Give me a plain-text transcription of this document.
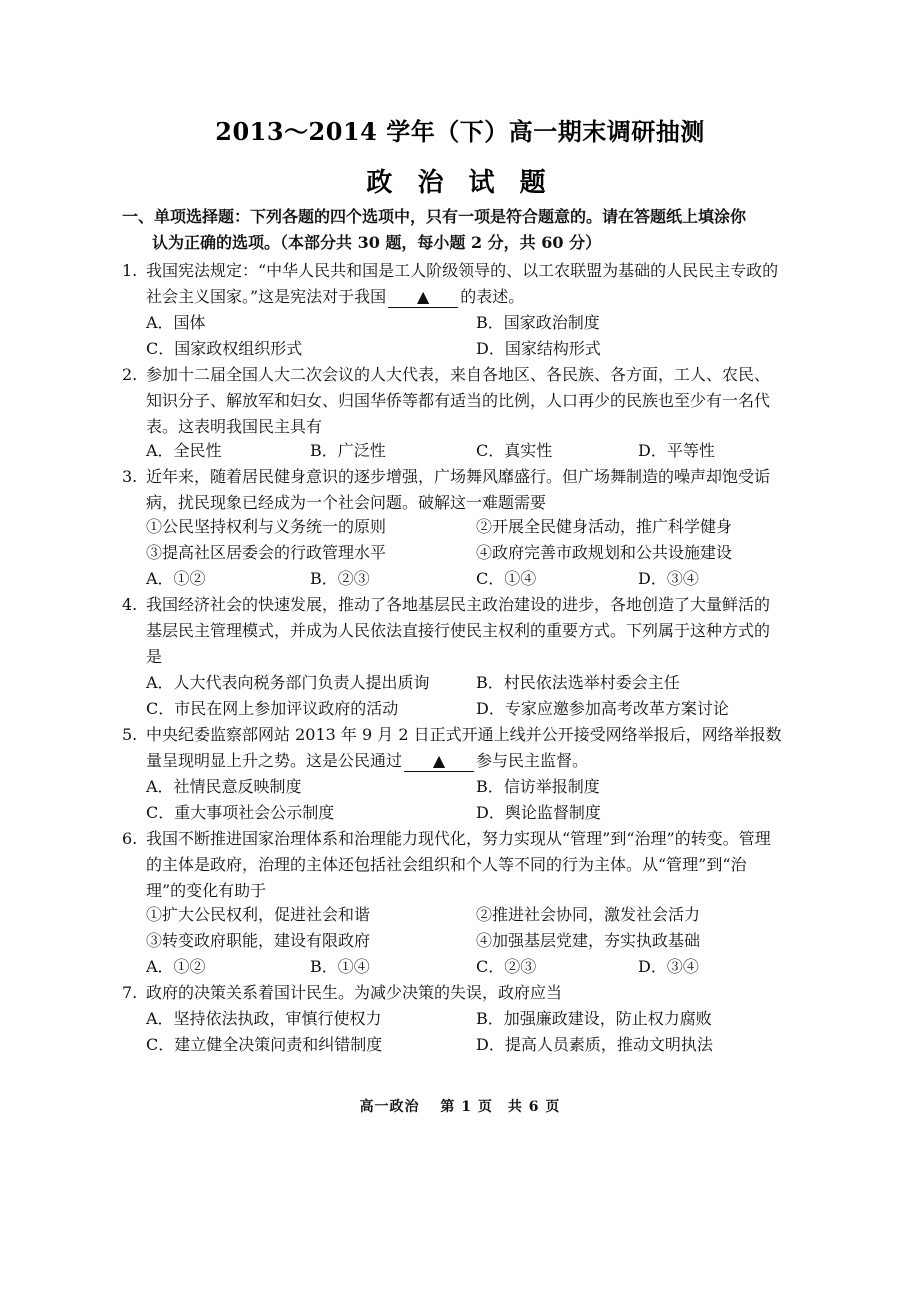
2013～2014 学年（下）高一期末调研抽测
政 治 试 题
一、单项选择题：下列各题的四个选项中，只有一项是符合题意的。请在答题纸上填涂你
认为正确的选项。（本部分共 30 题，每小题 2 分，共 60 分）
1. 我国宪法规定：“中华人民共和国是工人阶级领导的、以工农联盟为基础的人民民主专政的社会主义国家。”这是宪法对于我国 ▲ 的表述。
A．国体	B．国家政治制度
C．国家政权组织形式	D．国家结构形式
2. 参加十二届全国人大二次会议的人大代表，来自各地区、各民族、各方面，工人、农民、知识分子、解放军和妇女、归国华侨等都有适当的比例，人口再少的民族也至少有一名代表。这表明我国民主具有
A．全民性	B．广泛性	C．真实性	D．平等性
3. 近年来，随着居民健身意识的逐步增强，广场舞风靡盛行。但广场舞制造的噪声却饱受诟病，扰民现象已经成为一个社会问题。破解这一难题需要
①公民坚持权利与义务统一的原则	②开展全民健身活动，推广科学健身
③提高社区居委会的行政管理水平	④政府完善市政规划和公共设施建设
A．①②	B．②③	C．①④	D．③④
4. 我国经济社会的快速发展，推动了各地基层民主政治建设的进步，各地创造了大量鲜活的基层民主管理模式，并成为人民依法直接行使民主权利的重要方式。下列属于这种方式的是
A．人大代表向税务部门负责人提出质询	B．村民依法选举村委会主任
C．市民在网上参加评议政府的活动	D．专家应邀参加高考改革方案讨论
5. 中央纪委监察部网站 2013 年 9 月 2 日正式开通上线并公开接受网络举报后，网络举报数量呈现明显上升之势。这是公民通过 ▲ 参与民主监督。
A．社情民意反映制度	B．信访举报制度
C．重大事项社会公示制度	D．舆论监督制度
6. 我国不断推进国家治理体系和治理能力现代化，努力实现从“管理”到“治理”的转变。管理的主体是政府，治理的主体还包括社会组织和个人等不同的行为主体。从“管理”到“治理”的变化有助于
①扩大公民权利，促进社会和谐	②推进社会协同，激发社会活力
③转变政府职能，建设有限政府	④加强基层党建，夯实执政基础
A．①②	B．①④	C．②③	D．③④
7. 政府的决策关系着国计民生。为减少决策的失误，政府应当
A．坚持依法执政，审慎行使权力	B．加强廉政建设，防止权力腐败
C．建立健全决策问责和纠错制度	D．提高人员素质，推动文明执法
高一政治　 第 1 页　共 6 页
